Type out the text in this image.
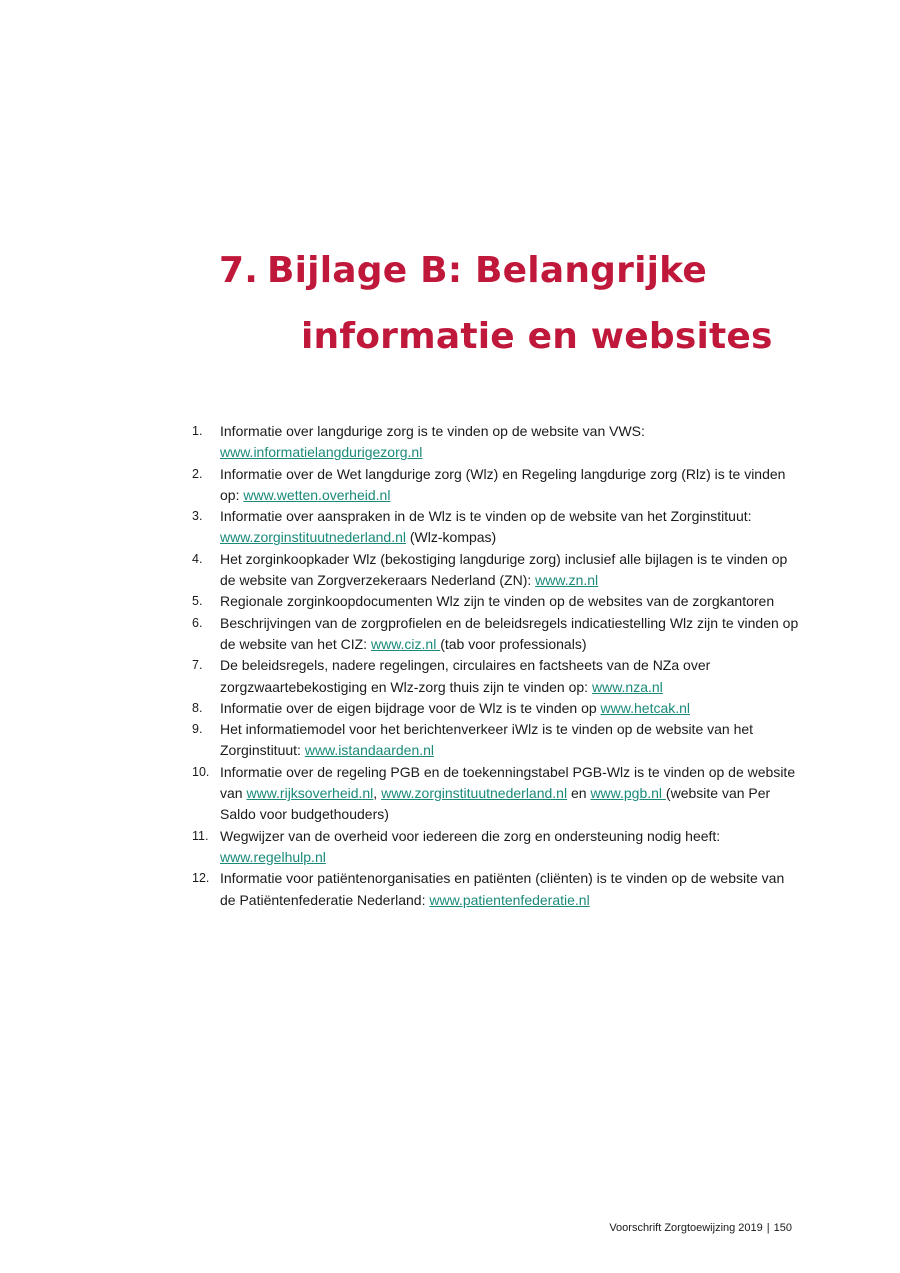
7. Bijlage B: Belangrijke
informatie en websites
1. Informatie over langdurige zorg is te vinden op de website van VWS: www.informatielangdurigezorg.nl
2. Informatie over de Wet langdurige zorg (Wlz) en Regeling langdurige zorg (Rlz) is te vinden op: www.wetten.overheid.nl
3. Informatie over aanspraken in de Wlz is te vinden op de website van het Zorginstituut: www.zorginstituutnederland.nl (Wlz-kompas)
4. Het zorginkoopkader Wlz (bekostiging langdurige zorg) inclusief alle bijlagen is te vinden op de website van Zorgverzekeraars Nederland (ZN): www.zn.nl
5. Regionale zorginkoopdocumenten Wlz zijn te vinden op de websites van de zorgkantoren
6. Beschrijvingen van de zorgprofielen en de beleidsregels indicatiestelling Wlz zijn te vinden op de website van het CIZ: www.ciz.nl (tab voor professionals)
7. De beleidsregels, nadere regelingen, circulaires en factsheets van de NZa over zorgzwaartebekostiging en Wlz-zorg thuis zijn te vinden op: www.nza.nl
8. Informatie over de eigen bijdrage voor de Wlz is te vinden op www.hetcak.nl
9. Het informatiemodel voor het berichtenverkeer iWlz is te vinden op de website van het Zorginstituut: www.istandaarden.nl
10. Informatie over de regeling PGB en de toekenningstabel PGB-Wlz is te vinden op de website van www.rijksoverheid.nl, www.zorginstituutnederland.nl en www.pgb.nl (website van Per Saldo voor budgethouders)
11. Wegwijzer van de overheid voor iedereen die zorg en ondersteuning nodig heeft: www.regelhulp.nl
12. Informatie voor patiëntenorganisaties en patiënten (cliënten) is te vinden op de website van de Patiëntenfederatie Nederland: www.patientenfederatie.nl
Voorschrift Zorgtoewijzing 2019 | 150
